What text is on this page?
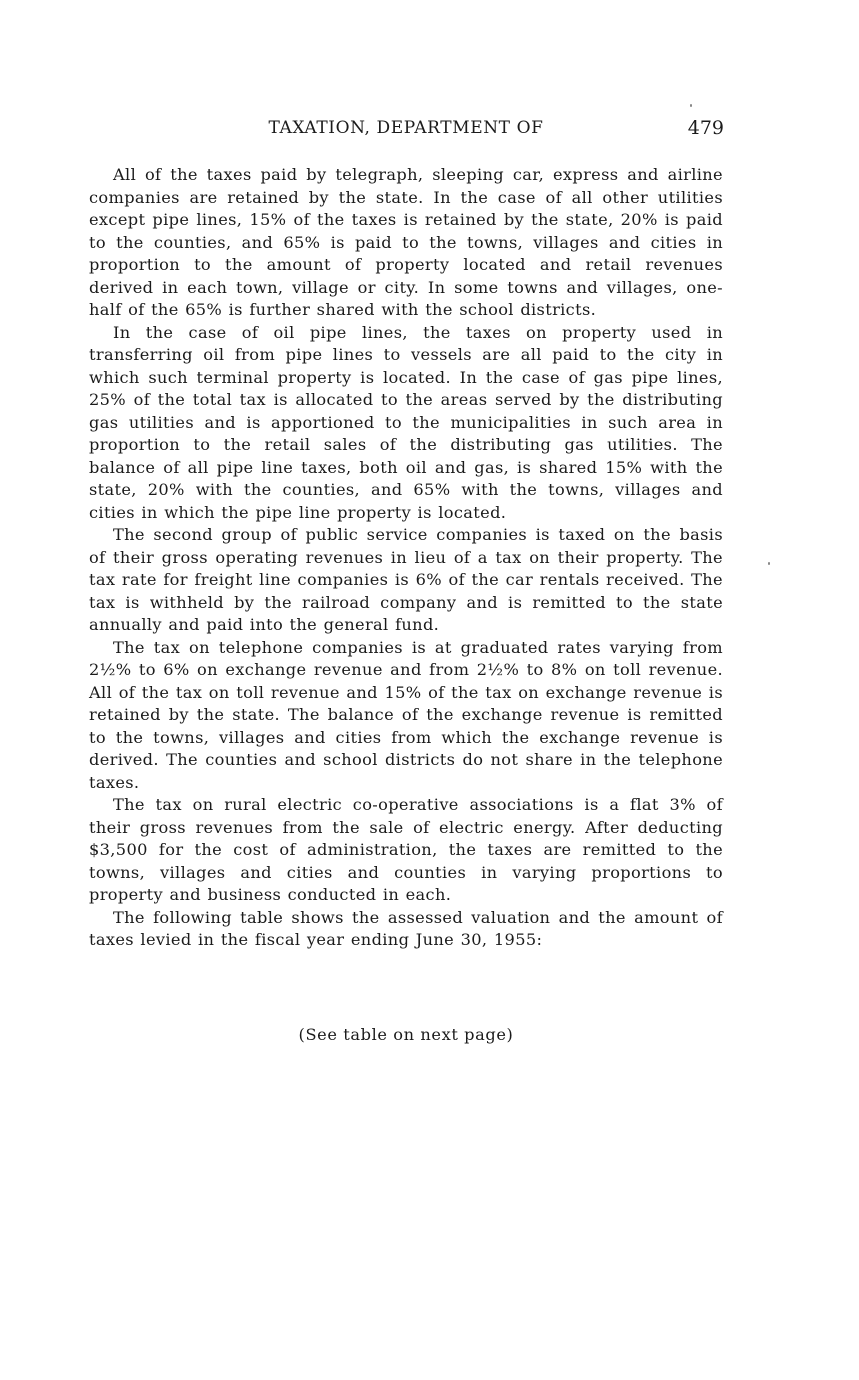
TAXATION, DEPARTMENT OF	479

All of the taxes paid by telegraph, sleeping car, express and airline companies are retained by the state. In the case of all other utilities except pipe lines, 15% of the taxes is retained by the state, 20% is paid to the counties, and 65% is paid to the towns, villages and cities in proportion to the amount of property located and retail revenues derived in each town, village or city. In some towns and villages, one-half of the 65% is further shared with the school districts.

In the case of oil pipe lines, the taxes on property used in transferring oil from pipe lines to vessels are all paid to the city in which such terminal property is located. In the case of gas pipe lines, 25% of the total tax is allocated to the areas served by the distributing gas utilities and is apportioned to the municipalities in such area in proportion to the retail sales of the distributing gas utilities. The balance of all pipe line taxes, both oil and gas, is shared 15% with the state, 20% with the counties, and 65% with the towns, villages and cities in which the pipe line property is located.

The second group of public service companies is taxed on the basis of their gross operating revenues in lieu of a tax on their property. The tax rate for freight line companies is 6% of the car rentals received. The tax is withheld by the railroad company and is remitted to the state annually and paid into the general fund.

The tax on telephone companies is at graduated rates varying from 2½% to 6% on exchange revenue and from 2½% to 8% on toll revenue. All of the tax on toll revenue and 15% of the tax on exchange revenue is retained by the state. The balance of the exchange revenue is remitted to the towns, villages and cities from which the exchange revenue is derived. The counties and school districts do not share in the telephone taxes.

The tax on rural electric co-operative associations is a flat 3% of their gross revenues from the sale of electric energy. After deducting $3,500 for the cost of administration, the taxes are remitted to the towns, villages and cities and counties in varying proportions to property and business conducted in each.

The following table shows the assessed valuation and the amount of taxes levied in the fiscal year ending June 30, 1955:

(See table on next page)
